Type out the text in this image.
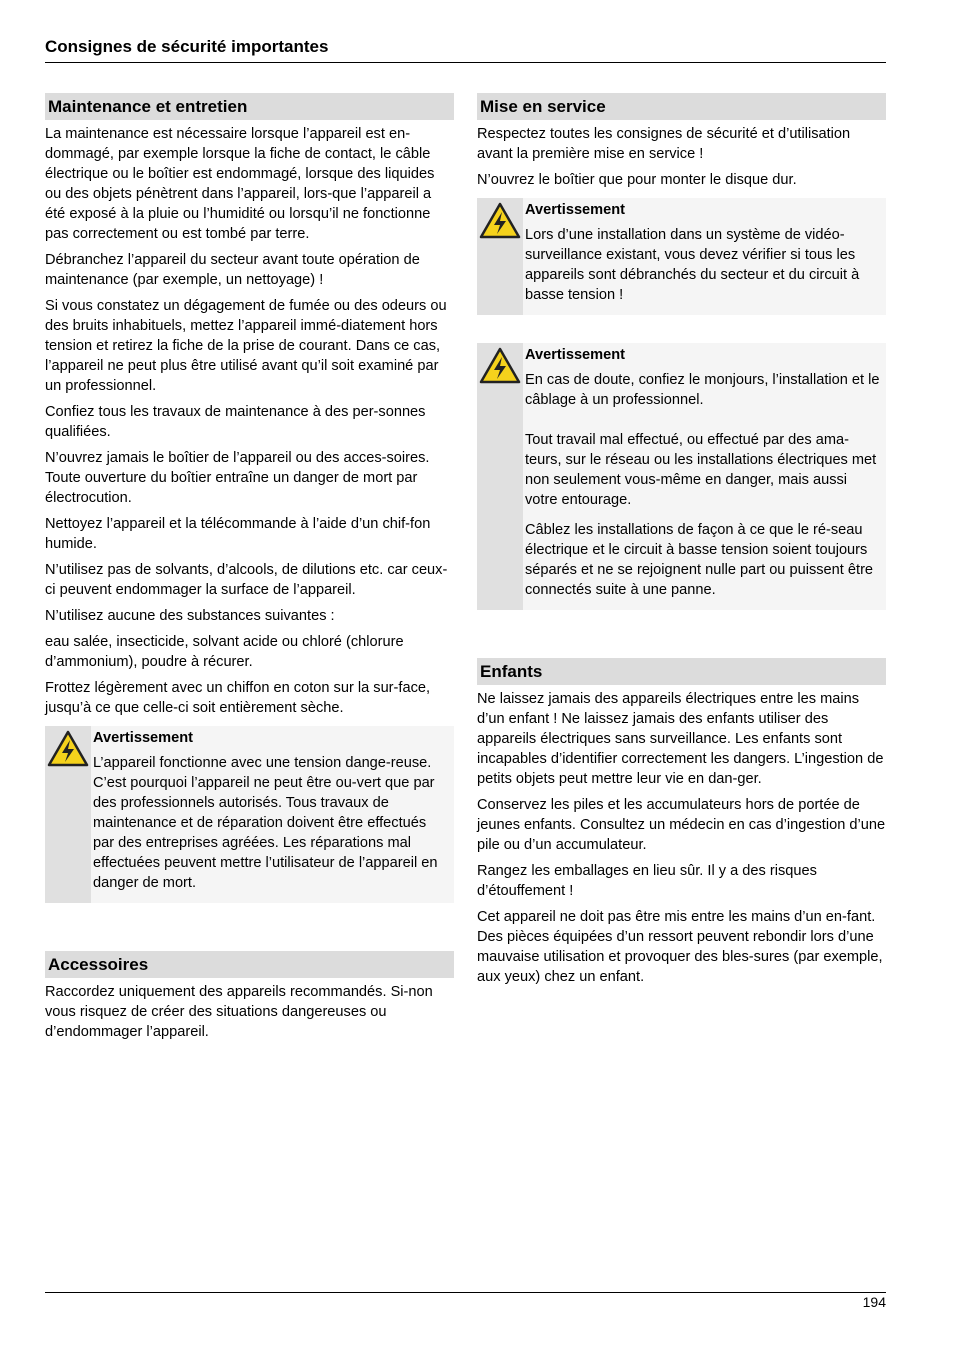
Consignes de sécurité importantes
Maintenance et entretien

La maintenance est nécessaire lorsque l’appareil est en-dommagé, par exemple lorsque la fiche de contact, le câble électrique ou le boîtier est endommagé, lorsque des liquides ou des objets pénètrent dans l’appareil, lors-que l’appareil a été exposé à la pluie ou l’humidité ou lorsqu’il ne fonctionne pas correctement ou est tombé par terre.

Débranchez l’appareil du secteur avant toute opération de maintenance (par exemple, un nettoyage) !

Si vous constatez un dégagement de fumée ou des odeurs ou des bruits inhabituels, mettez l’appareil immé-diatement hors tension et retirez la fiche de la prise de courant. Dans ce cas, l’appareil ne peut plus être utilisé avant qu’il soit examiné par un professionnel.

Confiez tous les travaux de maintenance à des per-sonnes qualifiées.

N’ouvrez jamais le boîtier de l’appareil ou des acces-soires. Toute ouverture du boîtier entraîne un danger de mort par électrocution.

Nettoyez l’appareil et la télécommande à l’aide d’un chif-fon humide.

N’utilisez pas de solvants, d’alcools, de dilutions etc. car ceux-ci peuvent endommager la surface de l’appareil.

N’utilisez aucune des substances suivantes :

eau salée, insecticide, solvant acide ou chloré (chlorure d’ammonium), poudre à récurer.

Frottez légèrement avec un chiffon en coton sur la sur-face, jusqu’à ce que celle-ci soit entièrement sèche.

Avertissement

L’appareil fonctionne avec une tension dange-reuse. C’est pourquoi l’appareil ne peut être ou-vert que par des professionnels autorisés. Tous travaux de maintenance et de réparation doivent être effectués par des entreprises agréées. Les réparations mal effectuées peuvent mettre l’utilisateur de l’appareil en danger de mort.

Accessoires

Raccordez uniquement des appareils recommandés. Si-non vous risquez de créer des situations dangereuses ou d’endommager l’appareil.

Mise en service

Respectez toutes les consignes de sécurité et d’utilisation avant la première mise en service !

N’ouvrez le boîtier que pour monter le disque dur.

Avertissement

Lors d’une installation dans un système de vidéo-surveillance existant, vous devez vérifier si tous les appareils sont débranchés du secteur et du circuit à basse tension !

Avertissement

En cas de doute, confiez le monjours, l’installation et le câblage à un professionnel.

Tout travail mal effectué, ou effectué par des ama-teurs, sur le réseau ou les installations électriques met non seulement vous-même en danger, mais aussi votre entourage.

Câblez les installations de façon à ce que le ré-seau électrique et le circuit à basse tension soient toujours séparés et ne se rejoignent nulle part ou puissent être connectés suite à une panne.

Enfants

Ne laissez jamais des appareils électriques entre les mains d’un enfant ! Ne laissez jamais des enfants utiliser des appareils électriques sans surveillance. Les enfants sont incapables d’identifier correctement les dangers. L’ingestion de petits objets peut mettre leur vie en dan-ger.

Conservez les piles et les accumulateurs hors de portée de jeunes enfants. Consultez un médecin en cas d’ingestion d’une pile ou d’un accumulateur.

Rangez les emballages en lieu sûr. Il y a des risques d’étouffement !

Cet appareil ne doit pas être mis entre les mains d’un en-fant. Des pièces équipées d’un ressort peuvent rebondir lors d’une mauvaise utilisation et provoquer des bles-sures (par exemple, aux yeux) chez un enfant.

194
